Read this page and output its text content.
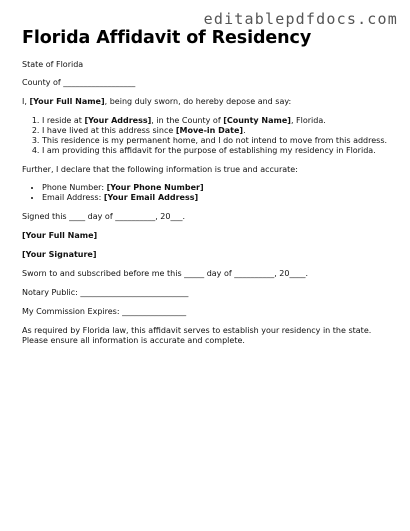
editablepdfdocs.com
Florida Affidavit of Residency

State of Florida

County of __________________

I, [Your Full Name], being duly sworn, do hereby depose and say:

1. I reside at [Your Address], in the County of [County Name], Florida.
2. I have lived at this address since [Move-in Date].
3. This residence is my permanent home, and I do not intend to move from this address.
4. I am providing this affidavit for the purpose of establishing my residency in Florida.

Further, I declare that the following information is true and accurate:

• Phone Number: [Your Phone Number]
• Email Address: [Your Email Address]

Signed this ____ day of __________, 20___.

[Your Full Name]

[Your Signature]

Sworn to and subscribed before me this _____ day of __________, 20____.

Notary Public: ___________________________

My Commission Expires: ________________

As required by Florida law, this affidavit serves to establish your residency in the state. Please ensure all information is accurate and complete.
